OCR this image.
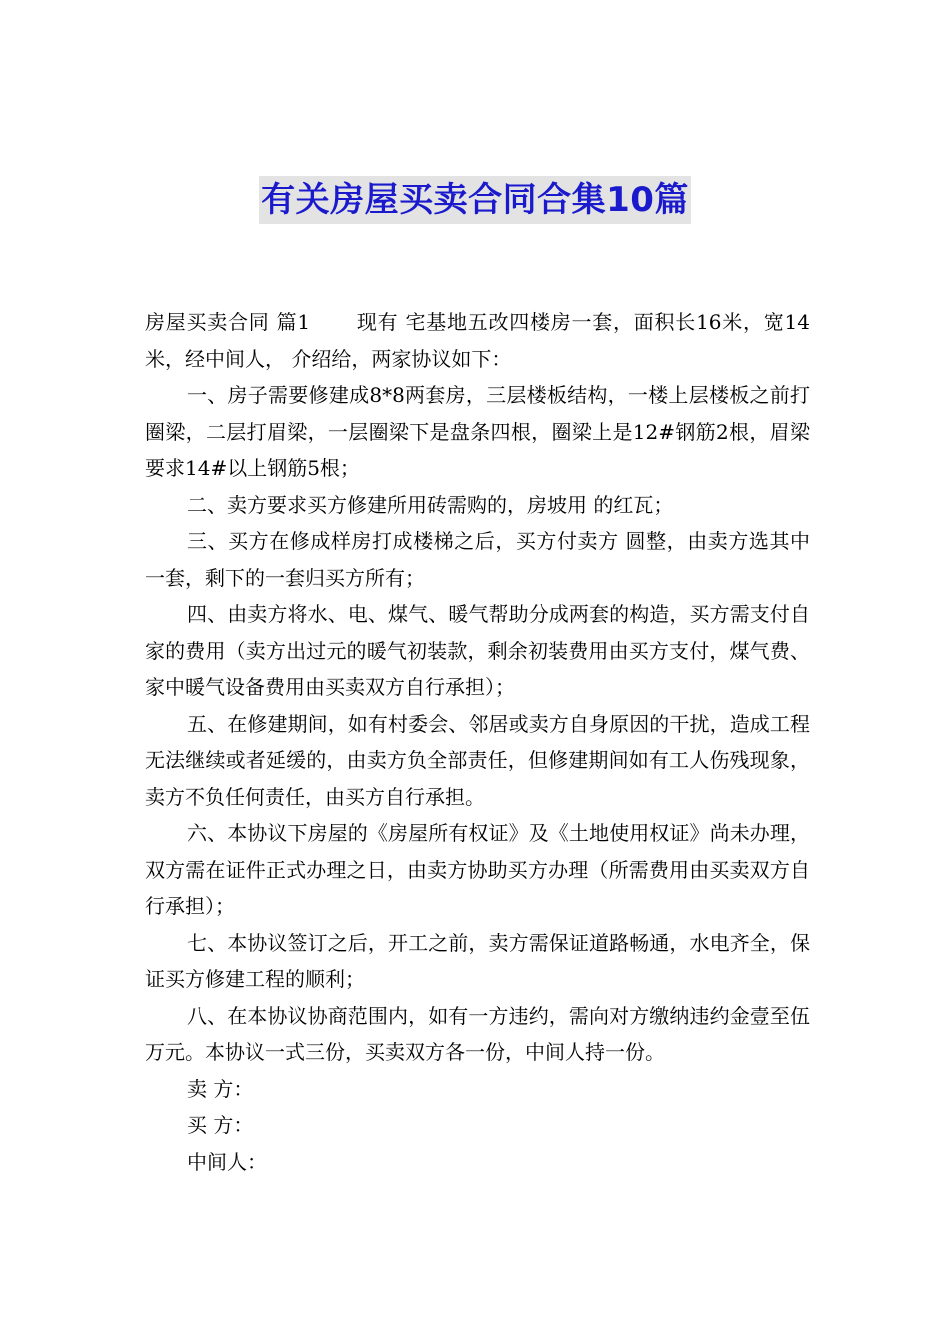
有关房屋买卖合同合集10篇

房屋买卖合同 篇1 现有 宅基地五改四楼房一套，面积长16米，宽14米，经中间人， 介绍给，两家协议如下：

一、房子需要修建成8*8两套房，三层楼板结构，一楼上层楼板之前打圈梁，二层打眉梁，一层圈梁下是盘条四根，圈梁上是12#钢筋2根，眉梁要求14#以上钢筋5根；

二、卖方要求买方修建所用砖需购的，房坡用 的红瓦；

三、买方在修成样房打成楼梯之后，买方付卖方 圆整，由卖方选其中一套，剩下的一套归买方所有；

四、由卖方将水、电、煤气、暖气帮助分成两套的构造，买方需支付自家的费用（卖方出过元的暖气初装款，剩余初装费用由买方支付，煤气费、家中暖气设备费用由买卖双方自行承担）；

五、在修建期间，如有村委会、邻居或卖方自身原因的干扰，造成工程无法继续或者延缓的，由卖方负全部责任，但修建期间如有工人伤残现象，卖方不负任何责任，由买方自行承担。

六、本协议下房屋的《房屋所有权证》及《土地使用权证》尚未办理，双方需在证件正式办理之日，由卖方协助买方办理（所需费用由买卖双方自行承担）；

七、本协议签订之后，开工之前，卖方需保证道路畅通，水电齐全，保证买方修建工程的顺利；

八、在本协议协商范围内，如有一方违约，需向对方缴纳违约金壹至伍万元。本协议一式三份，买卖双方各一份，中间人持一份。

卖 方：

买 方：

中间人：
